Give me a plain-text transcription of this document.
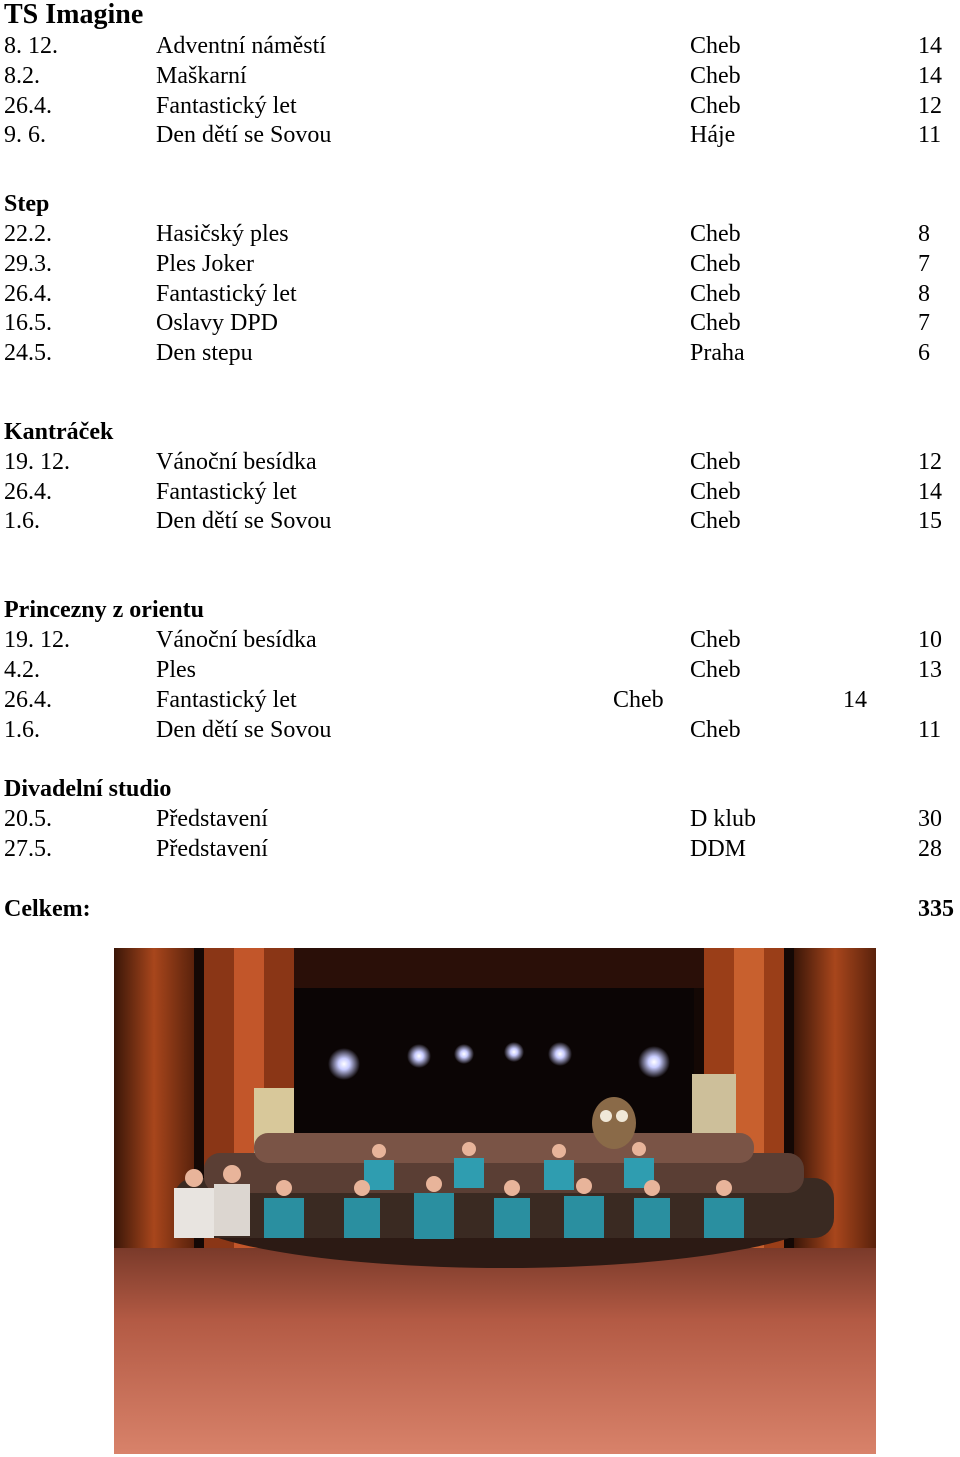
TS Imagine
8. 12.	Adventní náměstí	Cheb	14
8.2.	Maškarní	Cheb	14
26.4.	Fantastický let	Cheb	12
9. 6.	Den dětí se Sovou	Háje	11
Step
22.2.	Hasičský ples	Cheb	8
29.3.	Ples Joker	Cheb	7
26.4.	Fantastický let	Cheb	8
16.5.	Oslavy DPD	Cheb	7
24.5.	Den stepu	Praha	6
Kantráček
19. 12.	Vánoční besídka	Cheb	12
26.4.	Fantastický let	Cheb	14
1.6.	Den dětí se Sovou	Cheb	15
Princezny z orientu
19. 12.	Vánoční besídka	Cheb	10
4.2.	Ples	Cheb	13
26.4.	Fantastický let	Cheb	14
1.6.	Den dětí se Sovou	Cheb	11
Divadelní studio
20.5.	Představení	D klub	30
27.5.	Představení	DDM	28
Celkem:	335
